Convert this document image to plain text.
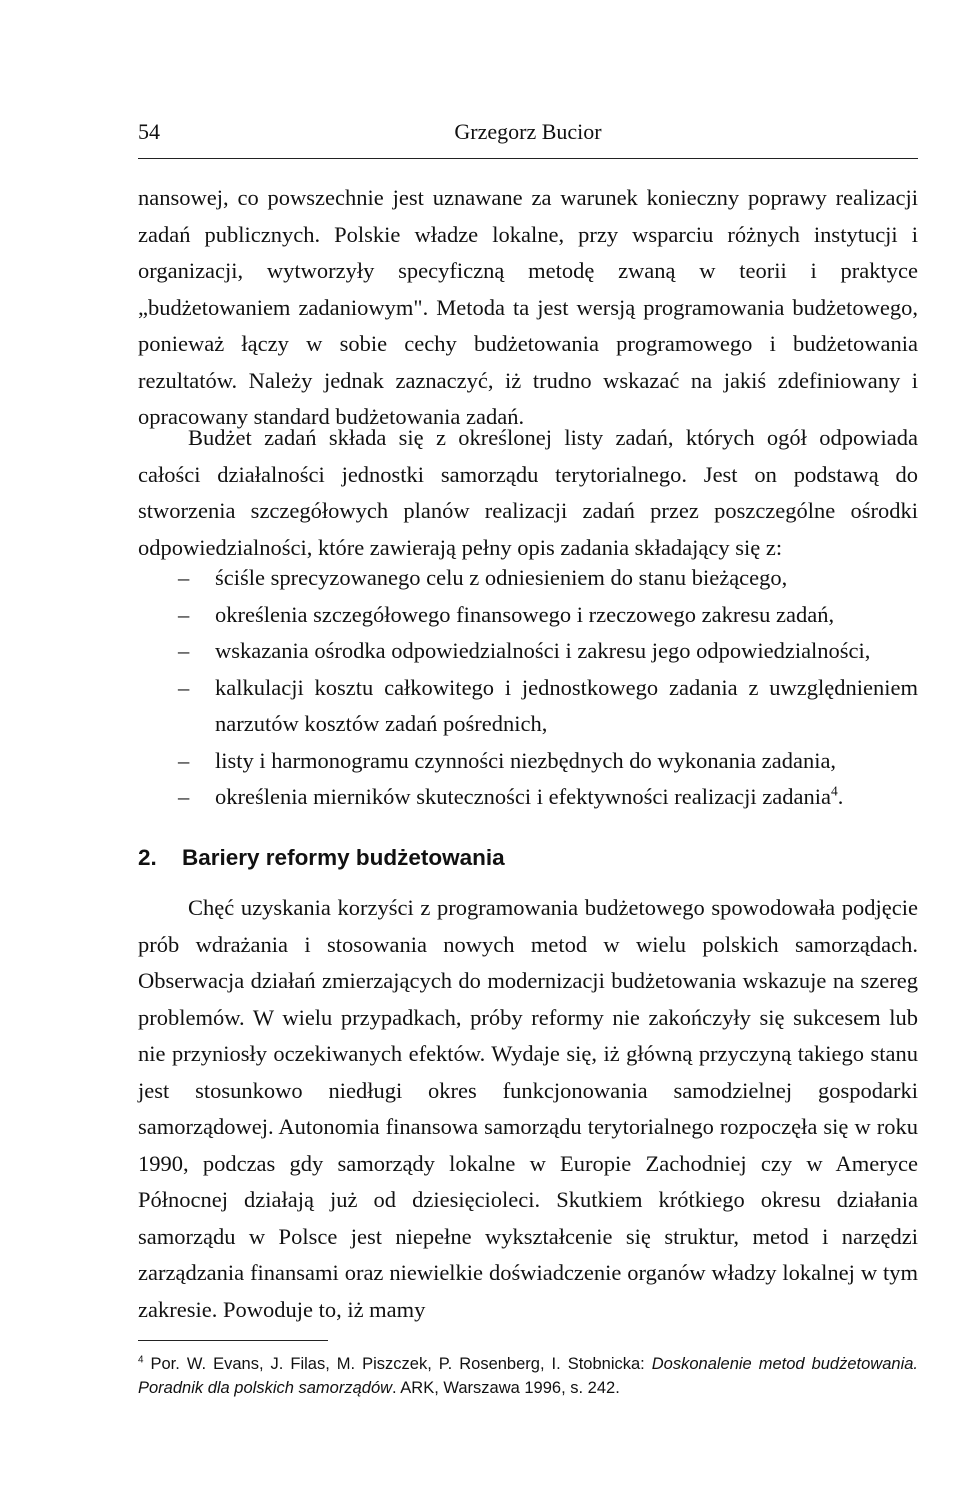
54	Grzegorz Bucior

nansowej, co powszechnie jest uznawane za warunek konieczny poprawy realizacji zadań publicznych. Polskie władze lokalne, przy wsparciu różnych instytucji i organizacji, wytworzyły specyficzną metodę zwaną w teorii i praktyce „budżetowaniem zadaniowym". Metoda ta jest wersją programowania budżetowego, ponieważ łączy w sobie cechy budżetowania programowego i budżetowania rezultatów. Należy jednak zaznaczyć, iż trudno wskazać na jakiś zdefiniowany i opracowany standard budżetowania zadań.

Budżet zadań składa się z określonej listy zadań, których ogół odpowiada całości działalności jednostki samorządu terytorialnego. Jest on podstawą do stworzenia szczegółowych planów realizacji zadań przez poszczególne ośrodki odpowiedzialności, które zawierają pełny opis zadania składający się z:

– ściśle sprecyzowanego celu z odniesieniem do stanu bieżącego,
– określenia szczegółowego finansowego i rzeczowego zakresu zadań,
– wskazania ośrodka odpowiedzialności i zakresu jego odpowiedzialności,
– kalkulacji kosztu całkowitego i jednostkowego zadania z uwzględnieniem narzutów kosztów zadań pośrednich,
– listy i harmonogramu czynności niezbędnych do wykonania zadania,
– określenia mierników skuteczności i efektywności realizacji zadania$^4$.
2. Bariery reformy budżetowania

Chęć uzyskania korzyści z programowania budżetowego spowodowała podjęcie prób wdrażania i stosowania nowych metod w wielu polskich samorządach. Obserwacja działań zmierzających do modernizacji budżetowania wskazuje na szereg problemów. W wielu przypadkach, próby reformy nie zakończyły się sukcesem lub nie przyniosły oczekiwanych efektów. Wydaje się, iż główną przyczyną takiego stanu jest stosunkowo niedługi okres funkcjonowania samodzielnej gospodarki samorządowej. Autonomia finansowa samorządu terytorialnego rozpoczęła się w roku 1990, podczas gdy samorządy lokalne w Europie Zachodniej czy w Ameryce Północnej działają już od dziesięcioleci. Skutkiem krótkiego okresu działania samorządu w Polsce jest niepełne wykształcenie się struktur, metod i narzędzi zarządzania finansami oraz niewielkie doświadczenie organów władzy lokalnej w tym zakresie. Powoduje to, iż mamy

$^4$ Por. W. Evans, J. Filas, M. Piszczek, P. Rosenberg, I. Stobnicka: Doskonalenie metod budżetowania. Poradnik dla polskich samorządów. ARK, Warszawa 1996, s. 242.
